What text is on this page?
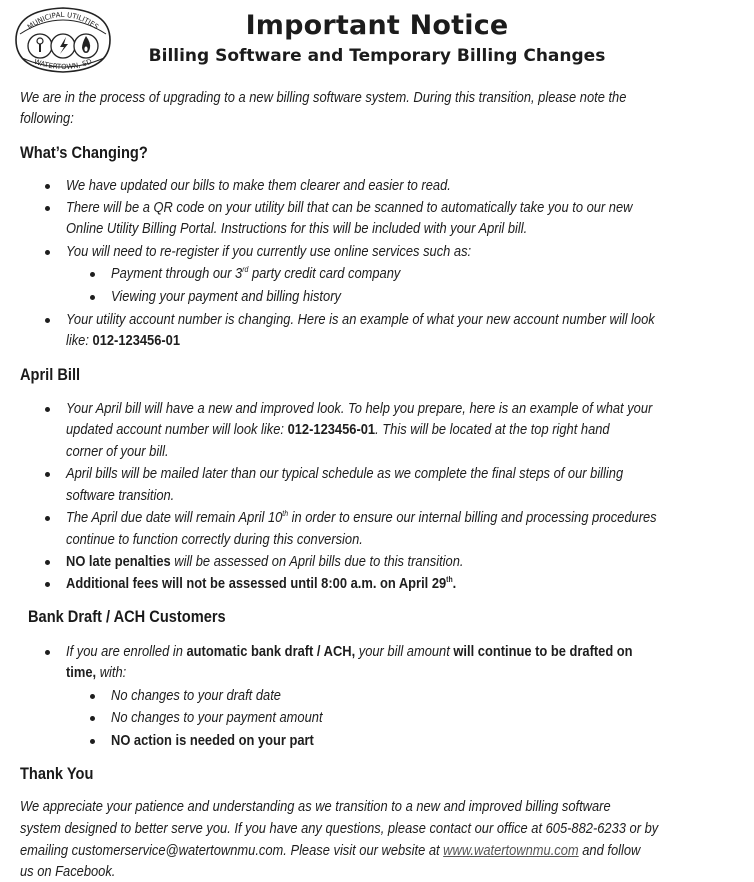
MUNICIPAL UTILITIES
WATERTOWN, SD
Important Notice
Billing Software and Temporary Billing Changes
We are in the process of upgrading to a new billing software system. During this transition, please note the
following:
What’s Changing?
We have updated our bills to make them clearer and easier to read.
There will be a QR code on your utility bill that can be scanned to automatically take you to our new
Online Utility Billing Portal. Instructions for this will be included with your April bill.
You will need to re-register if you currently use online services such as:
Payment through our 3rd party credit card company
Viewing your payment and billing history
Your utility account number is changing. Here is an example of what your new account number will look
like: 012-123456-01
April Bill
Your April bill will have a new and improved look. To help you prepare, here is an example of what your
updated account number will look like: 012-123456-01. This will be located at the top right hand
corner of your bill.
April bills will be mailed later than our typical schedule as we complete the final steps of our billing
software transition.
The April due date will remain April 10th in order to ensure our internal billing and processing procedures
continue to function correctly during this conversion.
NO late penalties will be assessed on April bills due to this transition.
Additional fees will not be assessed until 8:00 a.m. on April 29th.
Bank Draft / ACH Customers
If you are enrolled in automatic bank draft / ACH, your bill amount will continue to be drafted on
time, with:
No changes to your draft date
No changes to your payment amount
NO action is needed on your part
Thank You
We appreciate your patience and understanding as we transition to a new and improved billing software
system designed to better serve you. If you have any questions, please contact our office at 605-882-6233 or by
emailing customerservice@watertownmu.com. Please visit our website at www.watertownmu.com and follow
us on Facebook.
